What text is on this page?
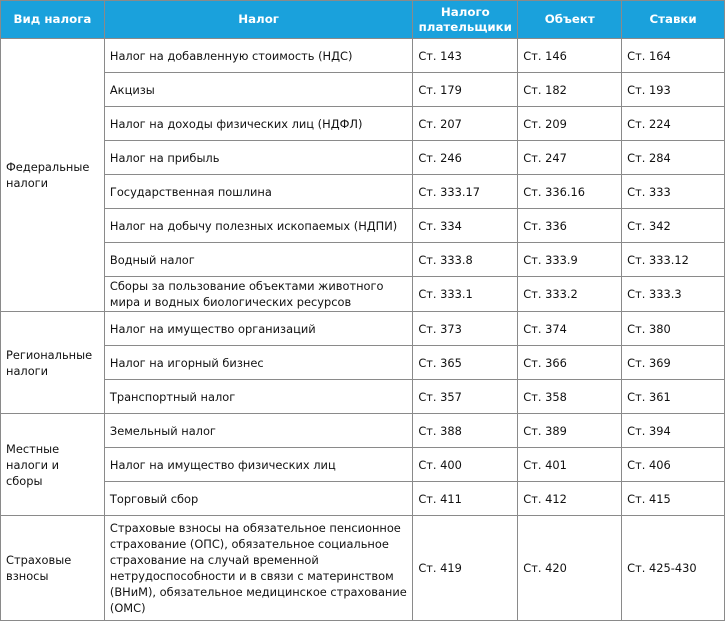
Вид налога	Налог	Налого плательщики	Объект	Ставки
Федеральные налоги	Налог на добавленную стоимость (НДС)	Ст. 143	Ст. 146	Ст. 164
	Акцизы	Ст. 179	Ст. 182	Ст. 193
	Налог на доходы физических лиц (НДФЛ)	Ст. 207	Ст. 209	Ст. 224
	Налог на прибыль	Ст. 246	Ст. 247	Ст. 284
	Государственная пошлина	Ст. 333.17	Ст. 336.16	Ст. 333
	Налог на добычу полезных ископаемых (НДПИ)	Ст. 334	Ст. 336	Ст. 342
	Водный налог	Ст. 333.8	Ст. 333.9	Ст. 333.12
	Сборы за пользование объектами животного мира и водных биологических ресурсов	Ст. 333.1	Ст. 333.2	Ст. 333.3
Региональные налоги	Налог на имущество организаций	Ст. 373	Ст. 374	Ст. 380
	Налог на игорный бизнес	Ст. 365	Ст. 366	Ст. 369
	Транспортный налог	Ст. 357	Ст. 358	Ст. 361
Местные налоги и сборы	Земельный налог	Ст. 388	Ст. 389	Ст. 394
	Налог на имущество физических лиц	Ст. 400	Ст. 401	Ст. 406
	Торговый сбор	Ст. 411	Ст. 412	Ст. 415
Страховые взносы	Страховые взносы на обязательное пенсионное страхование (ОПС), обязательное социальное страхование на случай временной нетрудоспособности и в связи с материнством (ВНиМ), обязательное медицинское страхование (ОМС)	Ст. 419	Ст. 420	Ст. 425-430
